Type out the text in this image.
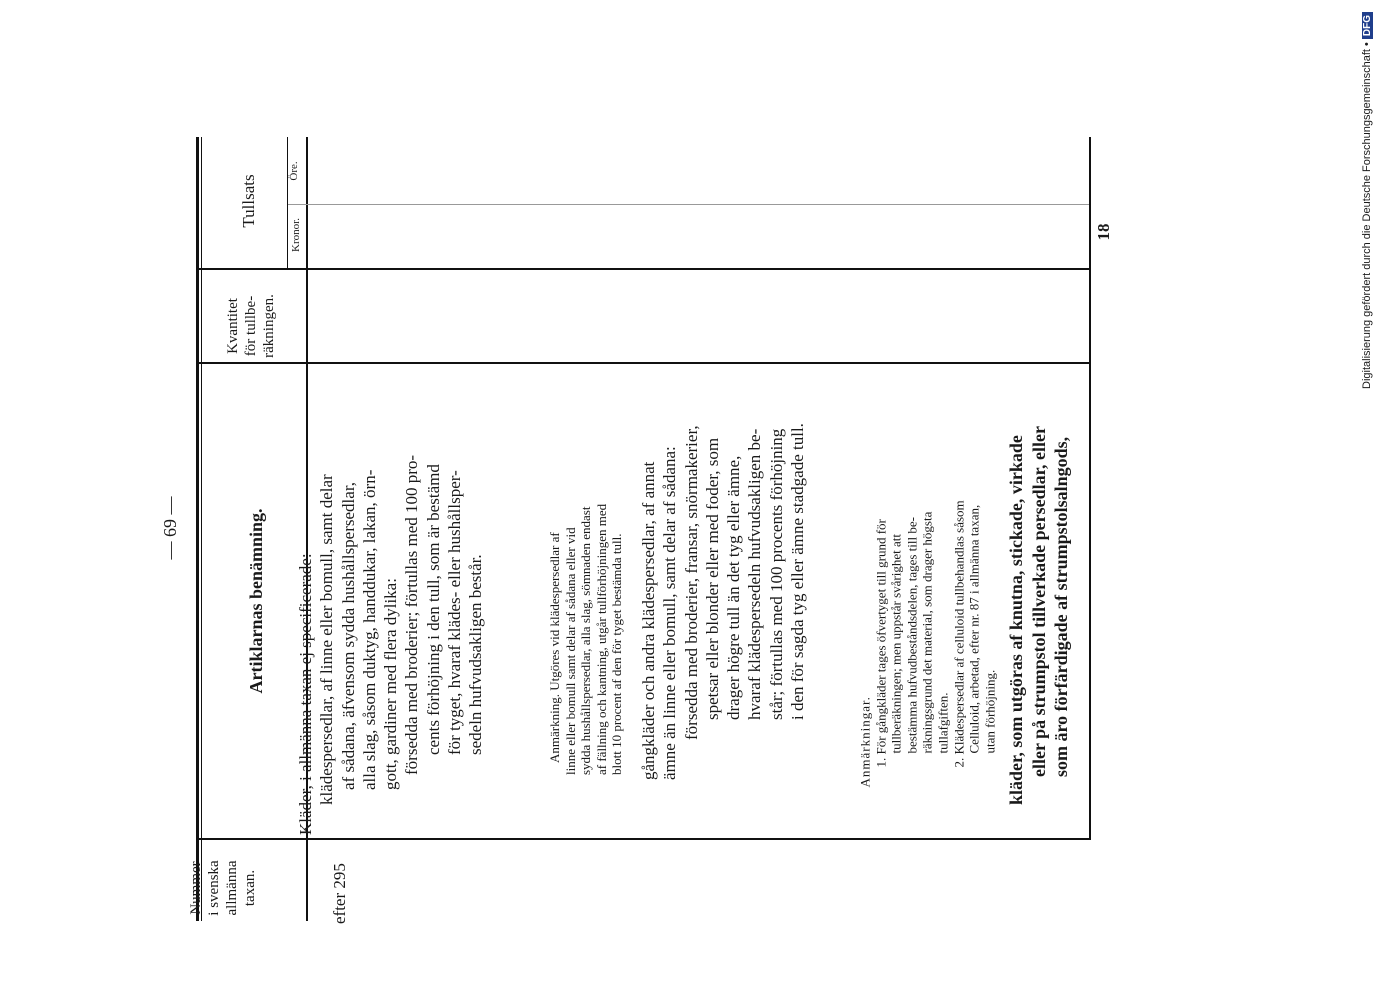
— 69 —
Digitalisierung gefördert durch die Deutsche Forschungsgemeinschaft • DFG
18
Nummer i svenska allmänna taxan.
Artiklarnas benämning.
Kvantitet för tullbe- räkningen.
Tullsats
Kronor.
Öre.
efter 295
Kläder, i allmänna taxan ej specificerade: klädespersedlar, af linne eller bomull, samt delar af sådana, äfvensom sydda hushållspersedlar, alla slag, såsom duktyg, handdukar, lakan, örn- gott, gardiner med flera dylika: försedda med broderier; förtullas med 100 pro- cents förhöjning i den tull, som är bestämd för tyget, hvaraf klädes- eller hushållsper- sedeln hufvudsakligen består.	Anmärkning. Utgöres vid klädespersedlar af linne eller bomull samt delar af sådana eller vid sydda hushållspersedlar, alla slag, sömnaden endast af fällning och kantning, utgår tullförhöjningen med blott 10 procent af den för tyget bestämda tull. gångkläder och andra klädespersedlar, af annat ämne än linne eller bomull, samt delar af sådana: försedda med broderier, fransar, snörmakerier, spetsar eller blonder eller med foder, som drager högre tull än det tyg eller ämne, hvaraf klädespersedeln hufvudsakligen be- står; förtullas med 100 procents förhöjning i den för sagda tyg eller ämne stadgade tull.
Anmärkningar. 1. För gångkläder tages öfvertyget till grund för tullberäkningen; men uppstår svårighet att bestämma hufvudbeståndsdelen, tages till be- räkningsgrund det material, som drager högsta tullafgiften. 2. Klädespersedlar af celluloid tullbehandlas såsom Celluloid, arbetad, efter nr. 87 i allmänna taxan, utan förhöjning. kläder, som utgöras af knutna, stickade, virkade eller på strumpstol tillverkade persedlar, eller som äro förfärdigade af strumpstolsalngods,
